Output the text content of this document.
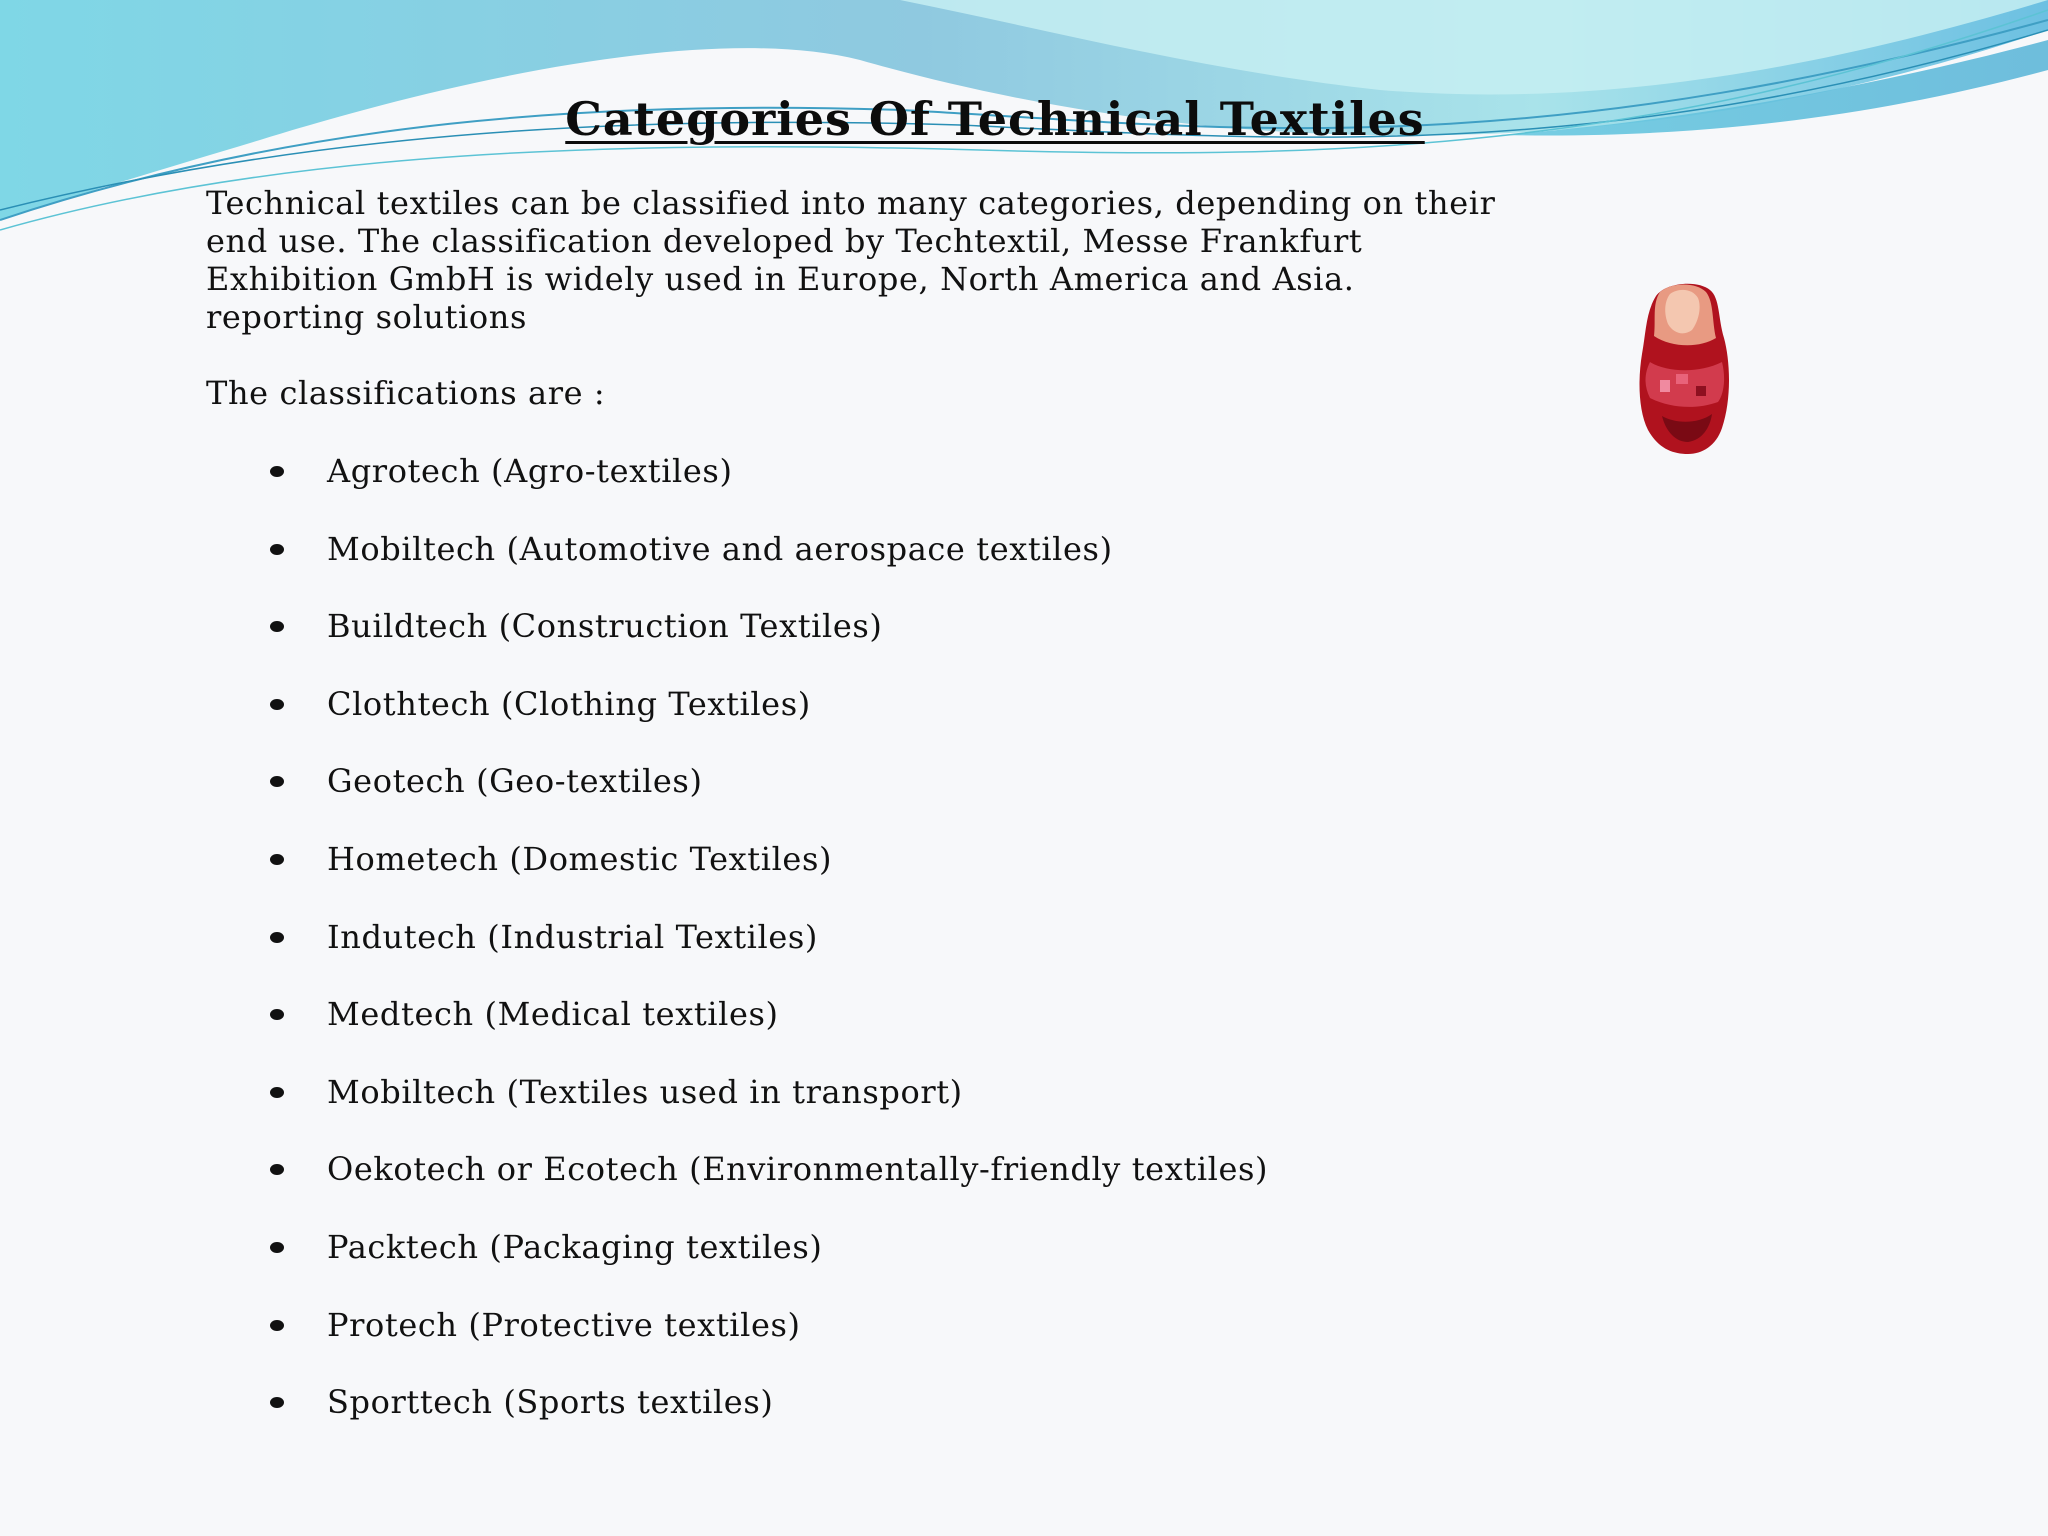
Categories Of Technical Textiles
Technical textiles can be classified into many categories, depending on their
end use. The classification developed by Techtextil, Messe Frankfurt
Exhibition GmbH is widely used in Europe, North America and Asia.
reporting solutions
The classifications are :
Agrotech (Agro-textiles)
Mobiltech (Automotive and aerospace textiles)
Buildtech (Construction Textiles)
Clothtech (Clothing Textiles)
Geotech (Geo-textiles)
Hometech (Domestic Textiles)
Indutech (Industrial Textiles)
Medtech (Medical textiles)
Mobiltech (Textiles used in transport)
Oekotech or Ecotech (Environmentally-friendly textiles)
Packtech (Packaging textiles)
Protech (Protective textiles)
Sporttech (Sports textiles)
